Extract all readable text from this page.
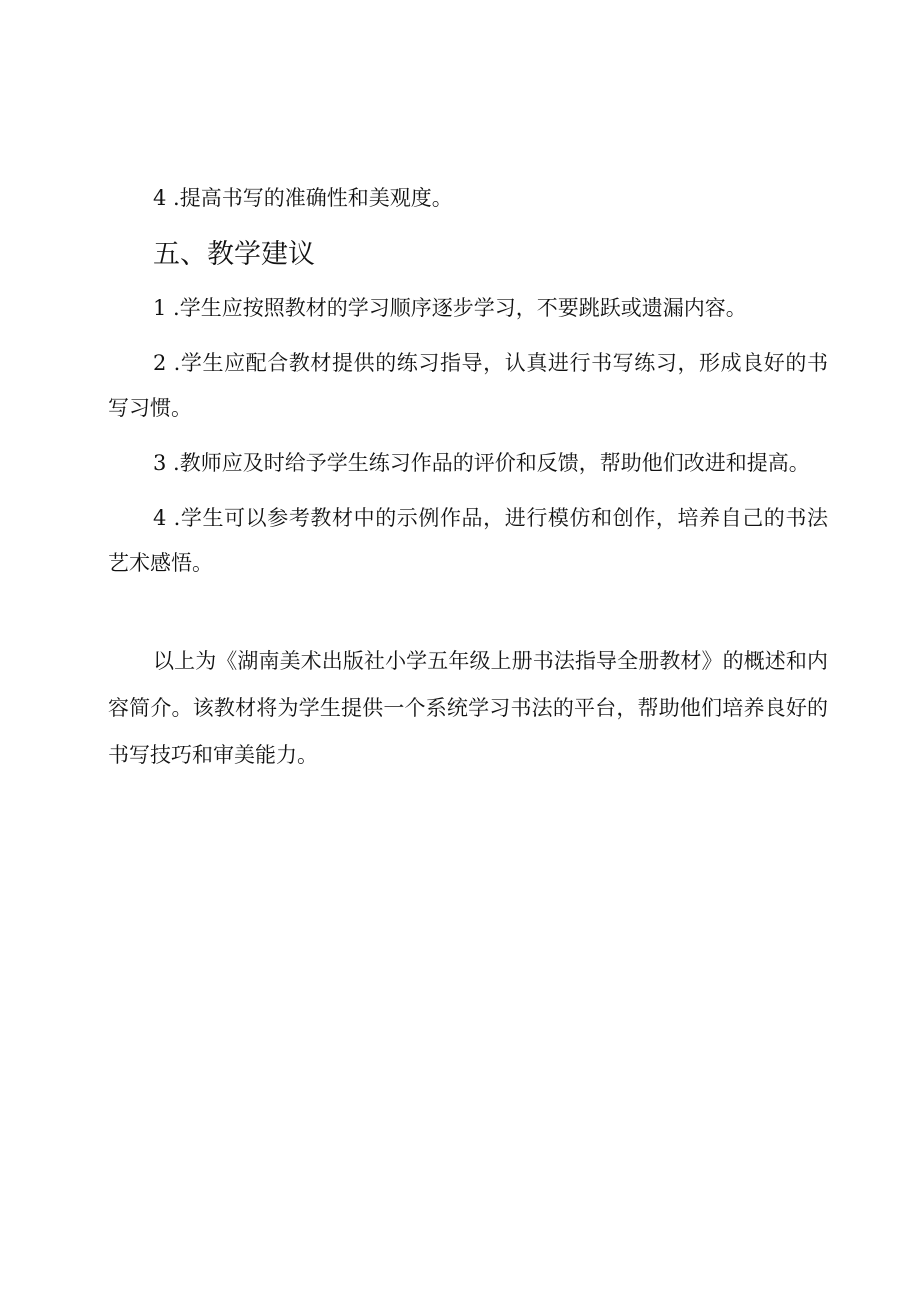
4 .提高书写的准确性和美观度。

五、教学建议

1 .学生应按照教材的学习顺序逐步学习，不要跳跃或遗漏内容。

2 .学生应配合教材提供的练习指导，认真进行书写练习，形成良好的书写习惯。

3 .教师应及时给予学生练习作品的评价和反馈，帮助他们改进和提高。

4 .学生可以参考教材中的示例作品，进行模仿和创作，培养自己的书法艺术感悟。

以上为《湖南美术出版社小学五年级上册书法指导全册教材》的概述和内容简介。该教材将为学生提供一个系统学习书法的平台，帮助他们培养良好的书写技巧和审美能力。
